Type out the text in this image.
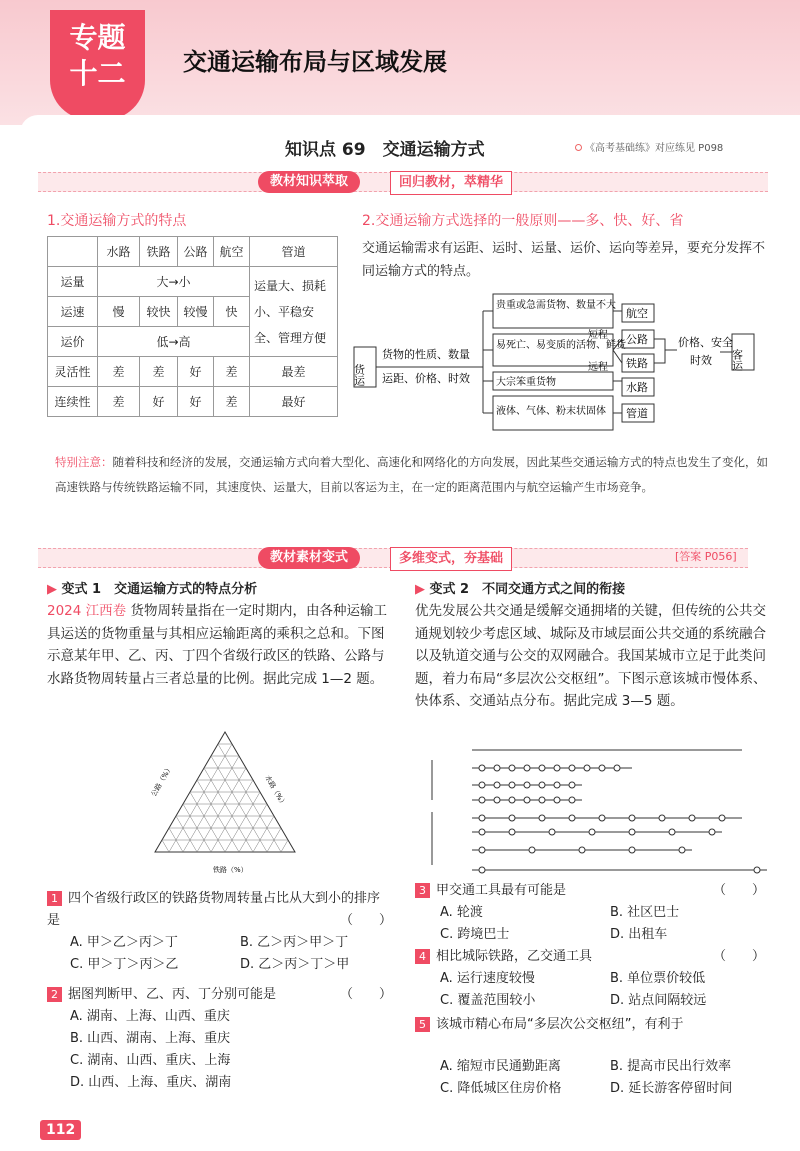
专题
十二	交通运输布局与区域发展
知识点 69　交通运输方式	《高考基础练》对应练见 P098
教材知识萃取	回归教材，萃精华
1.交通运输方式的特点
	水路	铁路	公路	航空	管道
运量	大→小				运量大、损耗小、平稳安全、管理方便
运速	慢	较快	较慢	快	
运价	低→高				
灵活性	差	差	好	差	最差
连续性	差	好	好	差	最好
2.交通运输方式选择的一般原则——多、快、好、省
交通运输需求有运距、运时、运量、运价、运向等差异，要充分发挥不同运输方式的特点。
货运
货物的性质、数量
运距、价格、时效
贵重或急需货物、数量不大
易死亡、易变质的活物、鲜货
大宗笨重货物
液体、气体、粉末状固体
短程
远程
航空
公路
铁路
水路
管道
价格、安全
时效 客运
特别注意：随着科技和经济的发展，交通运输方式向着大型化、高速化和网络化的方向发展，因此某些交通运输方式的特点也发生了变化，如高速铁路与传统铁路运输不同，其速度快、运量大，目前以客运为主，在一定的距离范围内与航空运输产生市场竞争。
教材素材变式	多维变式，夯基础	[答案 P056]
▶ 变式 1　交通运输方式的特点分析
2024 江西卷 货物周转量指在一定时期内，由各种运输工具运送的货物重量与其相应运输距离的乘积之总和。下图示意某年甲、乙、丙、丁四个省级行政区的铁路、公路与水路货物周转量占三者总量的比例。据此完成 1—2 题。
公路（%）	水路（%）
铁路（%）
1 四个省级行政区的铁路货物周转量占比从大到小的排序是	（　　）
A. 甲＞乙＞丙＞丁	B. 乙＞丙＞甲＞丁
C. 甲＞丁＞丙＞乙	D. 乙＞丙＞丁＞甲
2 据图判断甲、乙、丙、丁分别可能是	（　　）
A. 湖南、上海、山西、重庆
B. 山西、湖南、上海、重庆
C. 湖南、山西、重庆、上海
D. 山西、上海、重庆、湖南
▶ 变式 2　不同交通方式之间的衔接
优先发展公共交通是缓解交通拥堵的关键，但传统的公共交通规划较少考虑区域、城际及市域层面公共交通的系统融合以及轨道交通与公交的双网融合。我国某城市立足于此类问题，着力布局“多层次公交枢纽”。下图示意该城市慢体系、快体系、交通站点分布。据此完成 3—5 题。
3 甲交通工具最有可能是	（　　）
A. 轮渡	B. 社区巴士
C. 跨境巴士	D. 出租车
4 相比城际铁路，乙交通工具	（　　）
A. 运行速度较慢	B. 单位票价较低
C. 覆盖范围较小	D. 站点间隔较远
5 该城市精心布局“多层次公交枢纽”，有利于
A. 缩短市民通勤距离	B. 提高市民出行效率
C. 降低城区住房价格	D. 延长游客停留时间
112
